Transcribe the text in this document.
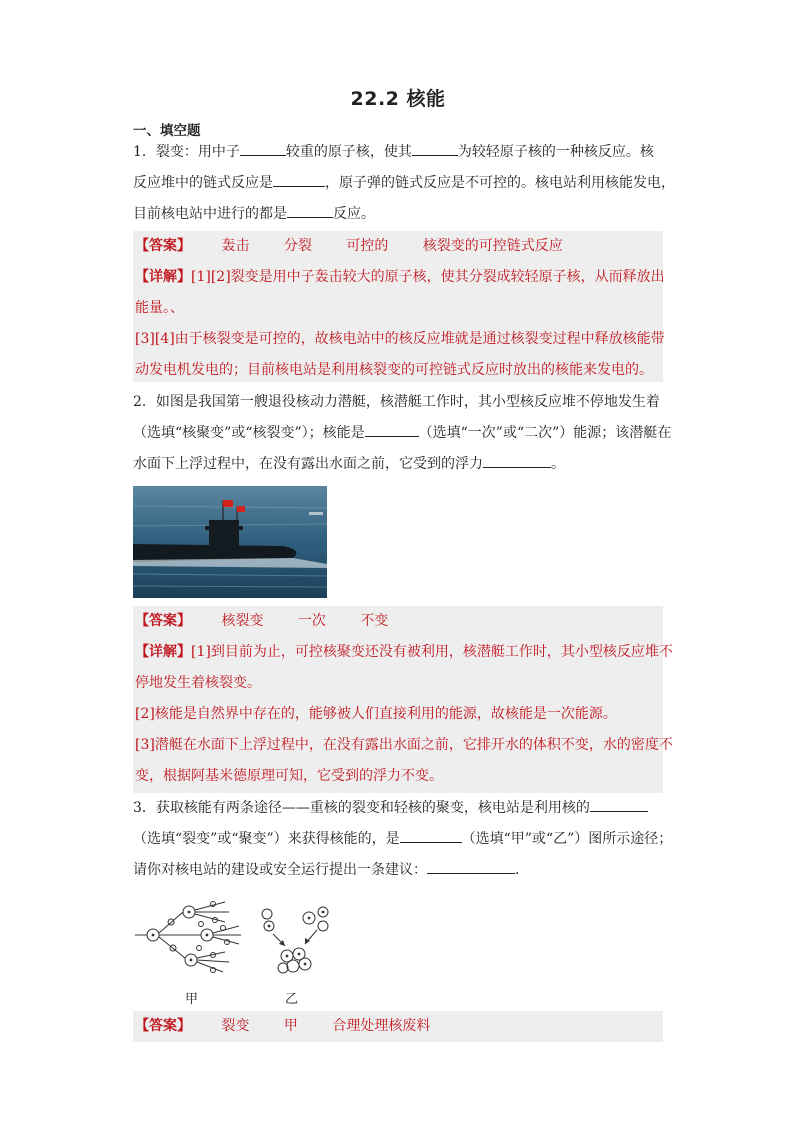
22.2 核能
一、填空题

1．裂变：用中子	较重的原子核，使其	为较轻原子核的一种核反应。核

反应堆中的链式反应是	，原子弹的链式反应是不可控的。核电站利用核能发电，

目前核电站中进行的都是	反应。

【答案】 轰击 分裂 可控的 核裂变的可控链式反应

【详解】[1][2]裂变是用中子轰击较大的原子核，使其分裂成较轻原子核，从而释放出

能量。、

[3][4]由于核裂变是可控的，故核电站中的核反应堆就是通过核裂变过程中释放核能带

动发电机发电的；目前核电站是利用核裂变的可控链式反应时放出的核能来发电的。

2．如图是我国第一艘退役核动力潜艇，核潜艇工作时，其小型核反应堆不停地发生着

（选填“核聚变”或“核裂变”）；核能是	（选填“一次”或“二次”）能源；该潜艇在

水面下上浮过程中，在没有露出水面之前，它受到的浮力	。

【答案】 核裂变 一次 不变

【详解】[1]到目前为止，可控核聚变还没有被利用，核潜艇工作时，其小型核反应堆不

停地发生着核裂变。

[2]核能是自然界中存在的，能够被人们直接利用的能源，故核能是一次能源。

[3]潜艇在水面下上浮过程中，在没有露出水面之前，它排开水的体积不变，水的密度不

变，根据阿基米德原理可知，它受到的浮力不变。

3．获取核能有两条途径——重核的裂变和轻核的聚变，核电站是利用核的

（选填“裂变”或“聚变”）来获得核能的，是	（选填“甲”或“乙”）图所示途径；

请你对核电站的建设或安全运行提出一条建议：	.

甲	乙

【答案】 裂变 甲 合理处理核废料
